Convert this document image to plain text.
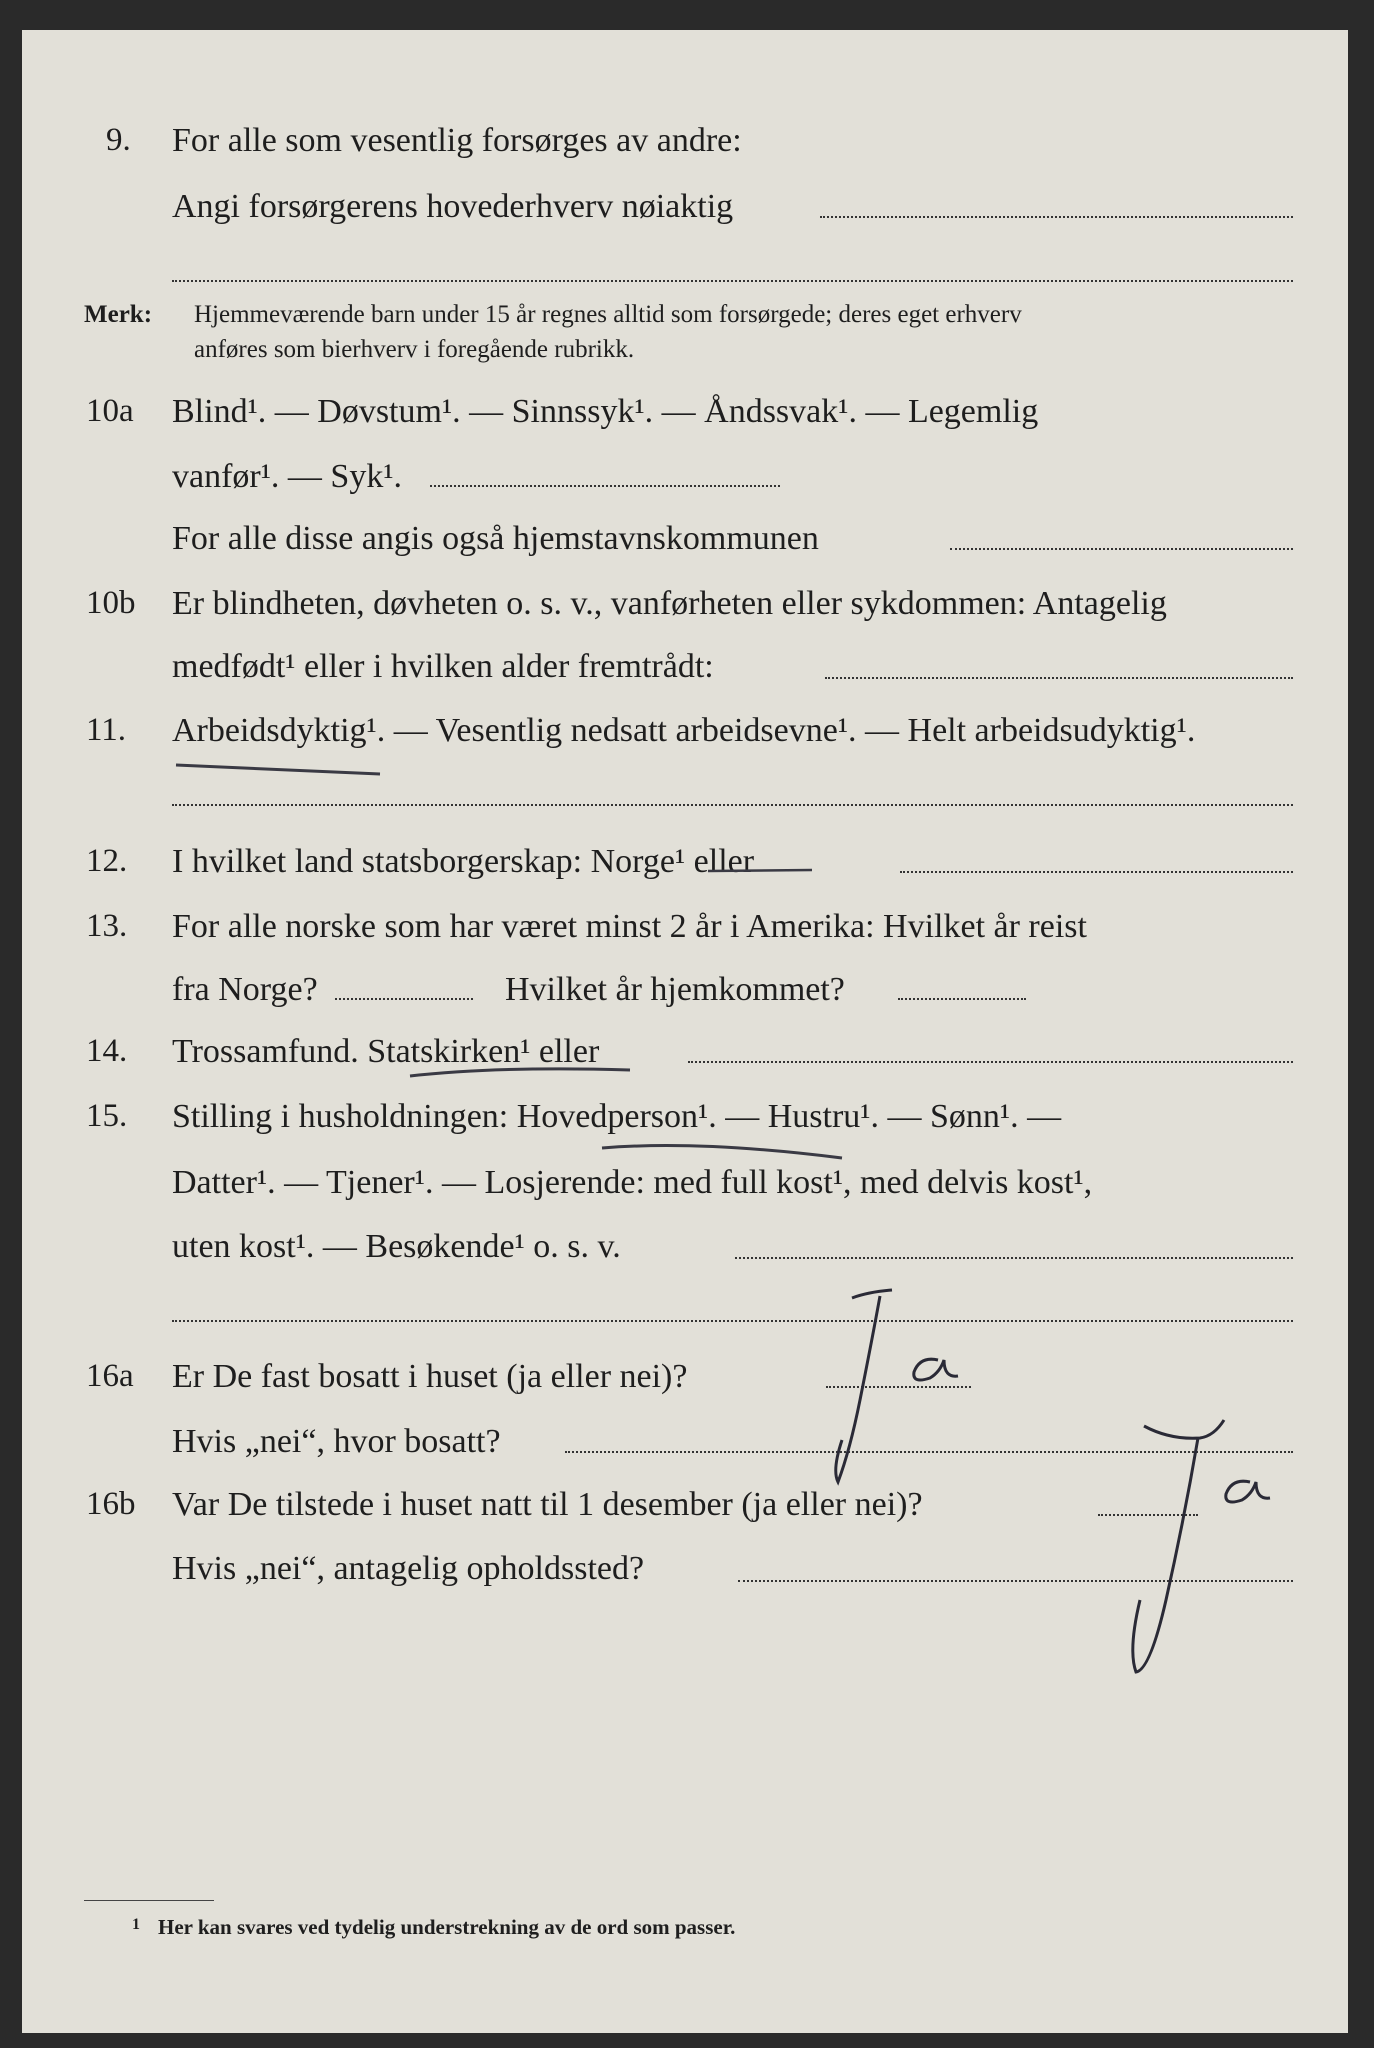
9. For alle som vesentlig forsørges av andre:
Angi forsørgerens hovederhverv nøiaktig
Merk: Hjemmeværende barn under 15 år regnes alltid som forsørgede; deres eget erhverv
anføres som bierhverv i foregående rubrikk.
10a Blind¹. — Døvstum¹. — Sinnssyk¹. — Åndssvak¹. — Legemlig
vanfør¹. — Syk¹.
For alle disse angis også hjemstavnskommunen
10b Er blindheten, døvheten o. s. v., vanførheten eller sykdommen: Antagelig
medfødt¹ eller i hvilken alder fremtrådt:
11. Arbeidsdyktig¹. — Vesentlig nedsatt arbeidsevne¹. — Helt arbeidsudyktig¹.
12. I hvilket land statsborgerskap: Norge¹ eller
13. For alle norske som har været minst 2 år i Amerika: Hvilket år reist
fra Norge?	Hvilket år hjemkommet?
14. Trossamfund. Statskirken¹ eller
15. Stilling i husholdningen: Hovedperson¹. — Hustru¹. — Sønn¹. —
Datter¹. — Tjener¹. — Losjerende: med full kost¹, med delvis kost¹,
uten kost¹. — Besøkende¹ o. s. v.
16a Er De fast bosatt i huset (ja eller nei)?
Hvis „nei“, hvor bosatt?
16b Var De tilstede i huset natt til 1 desember (ja eller nei)?
Hvis „nei“, antagelig opholdssted?
1 Her kan svares ved tydelig understrekning av de ord som passer.
